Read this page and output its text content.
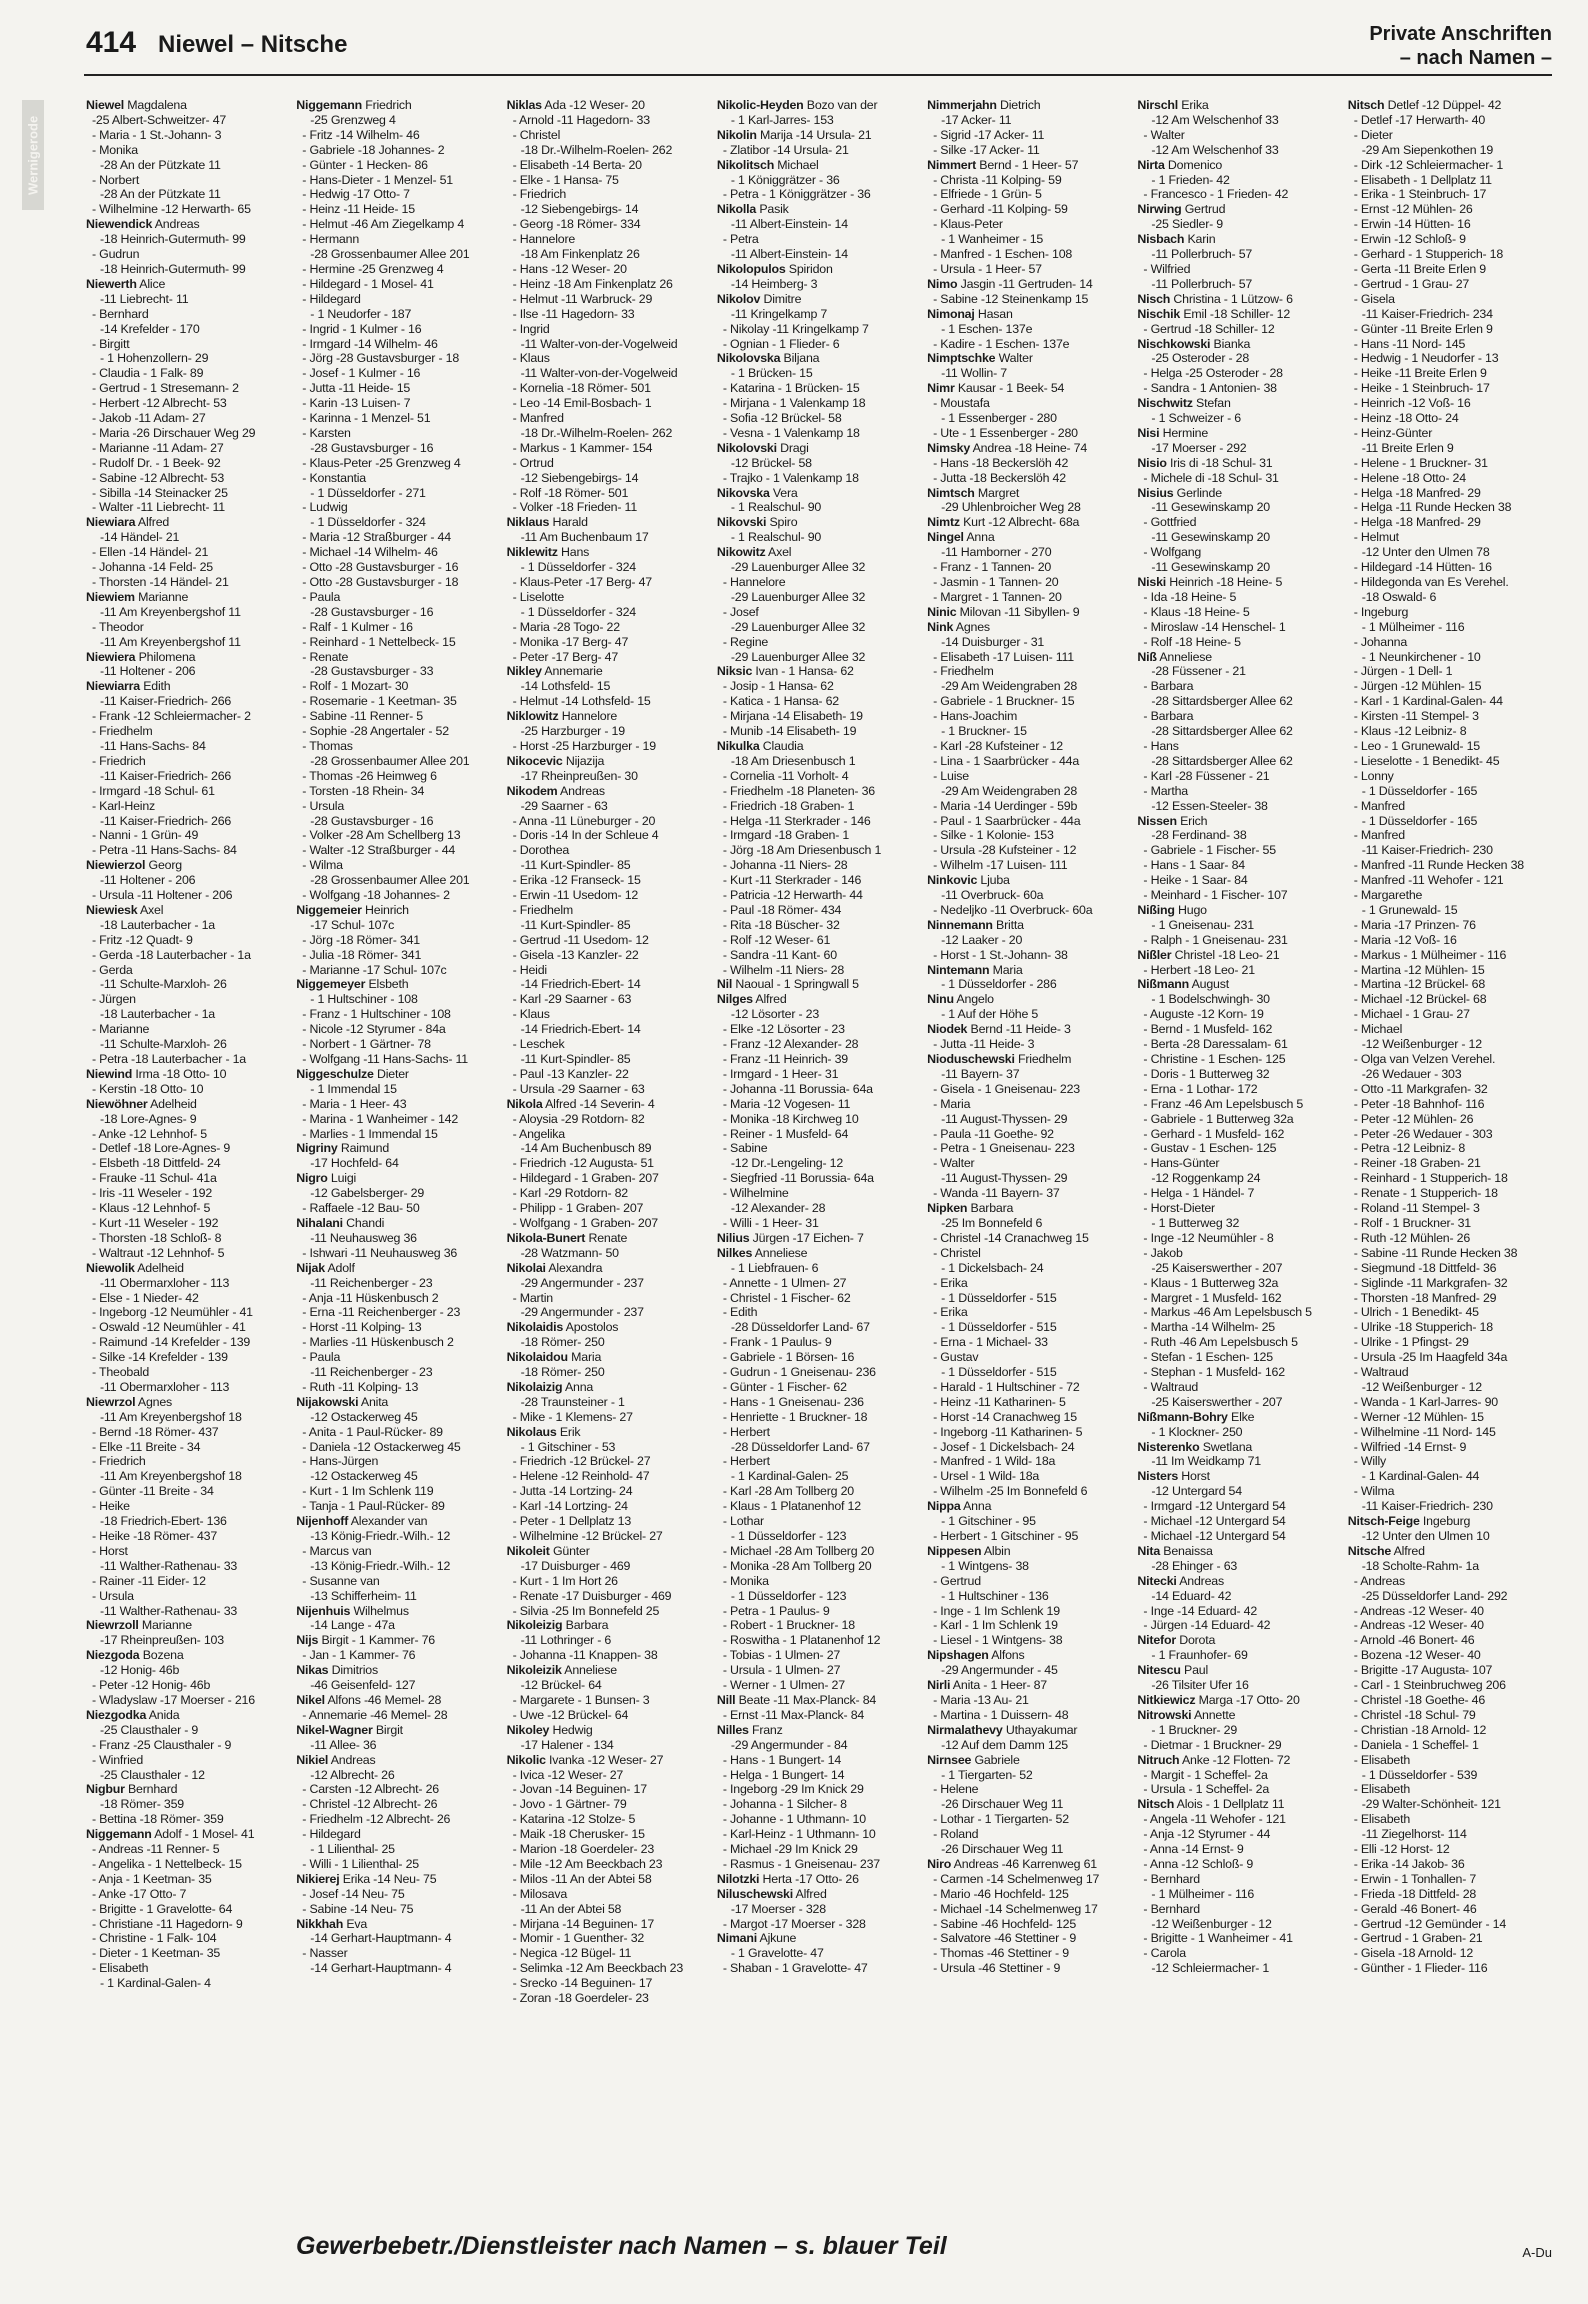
414 Niewel – Nitsche	Private Anschriften
– nach Namen –
Wernigerode
Niewel Magdalena
-25 Albert-Schweitzer- 47
- Maria - 1 St.-Johann- 3
- Monika
-28 An der Pützkate 11
- Norbert
-28 An der Pützkate 11
- Wilhelmine -12 Herwarth- 65
Niewendick Andreas
-18 Heinrich-Gutermuth- 99
- Gudrun
-18 Heinrich-Gutermuth- 99
Niewerth Alice
-11 Liebrecht- 11
- Bernhard
-14 Krefelder - 170
- Birgitt
- 1 Hohenzollern- 29
- Claudia - 1 Falk- 89
- Gertrud - 1 Stresemann- 2
- Herbert -12 Albrecht- 53
- Jakob -11 Adam- 27
- Maria -26 Dirschauer Weg 29
- Marianne -11 Adam- 27
- Rudolf Dr. - 1 Beek- 92
- Sabine -12 Albrecht- 53
- Sibilla -14 Steinacker 25
- Walter -11 Liebrecht- 11
Niewiara Alfred
-14 Händel- 21
- Ellen -14 Händel- 21
- Johanna -14 Feld- 25
- Thorsten -14 Händel- 21
Niewiem Marianne
-11 Am Kreyenbergshof 11
- Theodor
-11 Am Kreyenbergshof 11
Niewiera Philomena
-11 Holtener - 206
Niewiarra Edith
-11 Kaiser-Friedrich- 266
- Frank -12 Schleiermacher- 2
- Friedhelm
-11 Hans-Sachs- 84
- Friedrich
-11 Kaiser-Friedrich- 266
- Irmgard -18 Schul- 61
- Karl-Heinz
-11 Kaiser-Friedrich- 266
- Nanni - 1 Grün- 49
- Petra -11 Hans-Sachs- 84
Niewierzol Georg
-11 Holtener - 206
- Ursula -11 Holtener - 206
Niewiesk Axel
-18 Lauterbacher - 1a
- Fritz -12 Quadt- 9
- Gerda -18 Lauterbacher - 1a
- Gerda
-11 Schulte-Marxloh- 26
- Jürgen
-18 Lauterbacher - 1a
- Marianne
-11 Schulte-Marxloh- 26
- Petra -18 Lauterbacher - 1a
Niewind Irma -18 Otto- 10
- Kerstin -18 Otto- 10
Niewöhner Adelheid
-18 Lore-Agnes- 9
- Anke -12 Lehnhof- 5
- Detlef -18 Lore-Agnes- 9
- Elsbeth -18 Dittfeld- 24
- Frauke -11 Schul- 41a
- Iris -11 Weseler - 192
- Klaus -12 Lehnhof- 5
- Kurt -11 Weseler - 192
- Thorsten -18 Schloß- 8
- Waltraut -12 Lehnhof- 5
Niewolik Adelheid
-11 Obermarxloher - 113
- Else - 1 Nieder- 42
- Ingeborg -12 Neumühler - 41
- Oswald -12 Neumühler - 41
- Raimund -14 Krefelder - 139
- Silke -14 Krefelder - 139
- Theobald
-11 Obermarxloher - 113
Niewrzol Agnes
-11 Am Kreyenbergshof 18
- Bernd -18 Römer- 437
- Elke -11 Breite - 34
- Friedrich
-11 Am Kreyenbergshof 18
- Günter -11 Breite - 34
- Heike
-18 Friedrich-Ebert- 136
- Heike -18 Römer- 437
- Horst
-11 Walther-Rathenau- 33
- Rainer -11 Eider- 12
- Ursula
-11 Walther-Rathenau- 33
Niewrzoll Marianne
-17 Rheinpreußen- 103
Niezgoda Bozena
-12 Honig- 46b
- Peter -12 Honig- 46b
- Wladyslaw -17 Moerser - 216
Niezgodka Anida
-25 Clausthaler - 9
- Franz -25 Clausthaler - 9
- Winfried
-25 Clausthaler - 12
Nigbur Bernhard
-18 Römer- 359
- Bettina -18 Römer- 359
Niggemann Adolf - 1 Mosel- 41
- Andreas -11 Renner- 5
- Angelika - 1 Nettelbeck- 15
- Anja - 1 Keetman- 35
- Anke -17 Otto- 7
- Brigitte - 1 Gravelotte- 64
- Christiane -11 Hagedorn- 9
- Christine - 1 Falk- 104
- Dieter - 1 Keetman- 35
- Elisabeth
- 1 Kardinal-Galen- 4
Niggemann Friedrich
-25 Grenzweg 4
- Fritz -14 Wilhelm- 46
- Gabriele -18 Johannes- 2
- Günter - 1 Hecken- 86
- Hans-Dieter - 1 Menzel- 51
- Hedwig -17 Otto- 7
- Heinz -11 Heide- 15
- Helmut -46 Am Ziegelkamp 4
- Hermann
-28 Grossenbaumer Allee 201
- Hermine -25 Grenzweg 4
- Hildegard - 1 Mosel- 41
- Hildegard
- 1 Neudorfer - 187
- Ingrid - 1 Kulmer - 16
- Irmgard -14 Wilhelm- 46
- Jörg -28 Gustavsburger - 18
- Josef - 1 Kulmer - 16
- Jutta -11 Heide- 15
- Karin -13 Luisen- 7
- Karinna - 1 Menzel- 51
- Karsten
-28 Gustavsburger - 16
- Klaus-Peter -25 Grenzweg 4
- Konstantia
- 1 Düsseldorfer - 271
- Ludwig
- 1 Düsseldorfer - 324
- Maria -12 Straßburger - 44
- Michael -14 Wilhelm- 46
- Otto -28 Gustavsburger - 16
- Otto -28 Gustavsburger - 18
- Paula
-28 Gustavsburger - 16
- Ralf - 1 Kulmer - 16
- Reinhard - 1 Nettelbeck- 15
- Renate
-28 Gustavsburger - 33
- Rolf - 1 Mozart- 30
- Rosemarie - 1 Keetman- 35
- Sabine -11 Renner- 5
- Sophie -28 Angertaler - 52
- Thomas
-28 Grossenbaumer Allee 201
- Thomas -26 Heimweg 6
- Torsten -18 Rhein- 34
- Ursula
-28 Gustavsburger - 16
- Volker -28 Am Schellberg 13
- Walter -12 Straßburger - 44
- Wilma
-28 Grossenbaumer Allee 201
- Wolfgang -18 Johannes- 2
Niggemeier Heinrich
-17 Schul- 107c
- Jörg -18 Römer- 341
- Julia -18 Römer- 341
- Marianne -17 Schul- 107c
Niggemeyer Elsbeth
- 1 Hultschiner - 108
- Franz - 1 Hultschiner - 108
- Nicole -12 Styrumer - 84a
- Norbert - 1 Gärtner- 78
- Wolfgang -11 Hans-Sachs- 11
Niggeschulze Dieter
- 1 Immendal 15
- Maria - 1 Heer- 43
- Marina - 1 Wanheimer - 142
- Marlies - 1 Immendal 15
Nigriny Raimund
-17 Hochfeld- 64
Nigro Luigi
-12 Gabelsberger- 29
- Raffaele -12 Bau- 50
Nihalani Chandi
-11 Neuhausweg 36
- Ishwari -11 Neuhausweg 36
Nijak Adolf
-11 Reichenberger - 23
- Anja -11 Hüskenbusch 2
- Erna -11 Reichenberger - 23
- Horst -11 Kolping- 13
- Marlies -11 Hüskenbusch 2
- Paula
-11 Reichenberger - 23
- Ruth -11 Kolping- 13
Nijakowski Anita
-12 Ostackerweg 45
- Anita - 1 Paul-Rücker- 89
- Daniela -12 Ostackerweg 45
- Hans-Jürgen
-12 Ostackerweg 45
- Kurt - 1 Im Schlenk 119
- Tanja - 1 Paul-Rücker- 89
Nijenhoff Alexander van
-13 König-Friedr.-Wilh.- 12
- Marcus van
-13 König-Friedr.-Wilh.- 12
- Susanne van
-13 Schifferheim- 11
Nijenhuis Wilhelmus
-14 Lange - 47a
Nijs Birgit - 1 Kammer- 76
- Jan - 1 Kammer- 76
Nikas Dimitrios
-46 Geisenfeld- 127
Nikel Alfons -46 Memel- 28
- Annemarie -46 Memel- 28
Nikel-Wagner Birgit
-11 Allee- 36
Nikiel Andreas
-12 Albrecht- 26
- Carsten -12 Albrecht- 26
- Christel -12 Albrecht- 26
- Friedhelm -12 Albrecht- 26
- Hildegard
- 1 Lilienthal- 25
- Willi - 1 Lilienthal- 25
Nikierej Erika -14 Neu- 75
- Josef -14 Neu- 75
- Sabine -14 Neu- 75
Nikkhah Eva
-14 Gerhart-Hauptmann- 4
- Nasser
-14 Gerhart-Hauptmann- 4
Niklas Ada -12 Weser- 20
- Arnold -11 Hagedorn- 33
- Christel
-18 Dr.-Wilhelm-Roelen- 262
- Elisabeth -14 Berta- 20
- Elke - 1 Hansa- 75
- Friedrich
-12 Siebengebirgs- 14
- Georg -18 Römer- 334
- Hannelore
-18 Am Finkenplatz 26
- Hans -12 Weser- 20
- Heinz -18 Am Finkenplatz 26
- Helmut -11 Warbruck- 29
- Ilse -11 Hagedorn- 33
- Ingrid
-11 Walter-von-der-Vogelweid
- Klaus
-11 Walter-von-der-Vogelweid
- Kornelia -18 Römer- 501
- Leo -14 Emil-Bosbach- 1
- Manfred
-18 Dr.-Wilhelm-Roelen- 262
- Markus - 1 Kammer- 154
- Ortrud
-12 Siebengebirgs- 14
- Rolf -18 Römer- 501
- Volker -18 Frieden- 11
Niklaus Harald
-11 Am Buchenbaum 17
Niklewitz Hans
- 1 Düsseldorfer - 324
- Klaus-Peter -17 Berg- 47
- Liselotte
- 1 Düsseldorfer - 324
- Maria -28 Togo- 22
- Monika -17 Berg- 47
- Peter -17 Berg- 47
Nikley Annemarie
-14 Lothsfeld- 15
- Helmut -14 Lothsfeld- 15
Niklowitz Hannelore
-25 Harzburger - 19
- Horst -25 Harzburger - 19
Nikocevic Nijazija
-17 Rheinpreußen- 30
Nikodem Andreas
-29 Saarner - 63
- Anna -11 Lüneburger - 20
- Doris -14 In der Schleue 4
- Dorothea
-11 Kurt-Spindler- 85
- Erika -12 Franseck- 15
- Erwin -11 Usedom- 12
- Friedhelm
-11 Kurt-Spindler- 85
- Gertrud -11 Usedom- 12
- Gisela -13 Kanzler- 22
- Heidi
-14 Friedrich-Ebert- 14
- Karl -29 Saarner - 63
- Klaus
-14 Friedrich-Ebert- 14
- Leschek
-11 Kurt-Spindler- 85
- Paul -13 Kanzler- 22
- Ursula -29 Saarner - 63
Nikola Alfred -14 Severin- 4
- Aloysia -29 Rotdorn- 82
- Angelika
-14 Am Buchenbusch 89
- Friedrich -12 Augusta- 51
- Hildegard - 1 Graben- 207
- Karl -29 Rotdorn- 82
- Philipp - 1 Graben- 207
- Wolfgang - 1 Graben- 207
Nikola-Bunert Renate
-28 Watzmann- 50
Nikolai Alexandra
-29 Angermunder - 237
- Martin
-29 Angermunder - 237
Nikolaidis Apostolos
-18 Römer- 250
Nikolaidou Maria
-18 Römer- 250
Nikolaizig Anna
-28 Traunsteiner - 1
- Mike - 1 Klemens- 27
Nikolaus Erik
- 1 Gitschiner - 53
- Friedrich -12 Brückel- 27
- Helene -12 Reinhold- 47
- Jutta -14 Lortzing- 24
- Karl -14 Lortzing- 24
- Peter - 1 Dellplatz 13
- Wilhelmine -12 Brückel- 27
Nikoleit Günter
-17 Duisburger - 469
- Kurt - 1 Im Hort 26
- Renate -17 Duisburger - 469
- Silvia -25 Im Bonnefeld 25
Nikoleizig Barbara
-11 Lothringer - 6
- Johanna -11 Knappen- 38
Nikoleizik Anneliese
-12 Brückel- 64
- Margarete - 1 Bunsen- 3
- Uwe -12 Brückel- 64
Nikoley Hedwig
-17 Halener - 134
Nikolic Ivanka -12 Weser- 27
- Ivica -12 Weser- 27
- Jovan -14 Beguinen- 17
- Jovo - 1 Gärtner- 79
- Katarina -12 Stolze- 5
- Maik -18 Cherusker- 15
- Marion -18 Goerdeler- 23
- Mile -12 Am Beeckbach 23
- Milos -11 An der Abtei 58
- Milosava
-11 An der Abtei 58
- Mirjana -14 Beguinen- 17
- Momir - 1 Guenther- 32
- Negica -12 Bügel- 11
- Selimka -12 Am Beeckbach 23
- Srecko -14 Beguinen- 17
- Zoran -18 Goerdeler- 23
Nikolic-Heyden Bozo van der
- 1 Karl-Jarres- 153
Nikolin Marija -14 Ursula- 21
- Zlatibor -14 Ursula- 21
Nikolitsch Michael
- 1 Königgrätzer - 36
- Petra - 1 Königgrätzer - 36
Nikolla Pasik
-11 Albert-Einstein- 14
- Petra
-11 Albert-Einstein- 14
Nikolopulos Spiridon
-14 Heimberg- 3
Nikolov Dimitre
-11 Kringelkamp 7
- Nikolay -11 Kringelkamp 7
- Ognian - 1 Flieder- 6
Nikolovska Biljana
- 1 Brücken- 15
- Katarina - 1 Brücken- 15
- Mirjana - 1 Valenkamp 18
- Sofia -12 Brückel- 58
- Vesna - 1 Valenkamp 18
Nikolovski Dragi
-12 Brückel- 58
- Trajko - 1 Valenkamp 18
Nikovska Vera
- 1 Realschul- 90
Nikovski Spiro
- 1 Realschul- 90
Nikowitz Axel
-29 Lauenburger Allee 32
- Hannelore
-29 Lauenburger Allee 32
- Josef
-29 Lauenburger Allee 32
- Regine
-29 Lauenburger Allee 32
Niksic Ivan - 1 Hansa- 62
- Josip - 1 Hansa- 62
- Katica - 1 Hansa- 62
- Mirjana -14 Elisabeth- 19
- Munib -14 Elisabeth- 19
Nikulka Claudia
-18 Am Driesenbusch 1
- Cornelia -11 Vorholt- 4
- Friedhelm -18 Planeten- 36
- Friedrich -18 Graben- 1
- Helga -11 Sterkrader - 146
- Irmgard -18 Graben- 1
- Jörg -18 Am Driesenbusch 1
- Johanna -11 Niers- 28
- Kurt -11 Sterkrader - 146
- Patricia -12 Herwarth- 44
- Paul -18 Römer- 434
- Rita -18 Büscher- 32
- Rolf -12 Weser- 61
- Sandra -11 Kant- 60
- Wilhelm -11 Niers- 28
Nil Naoual - 1 Springwall 5
Nilges Alfred
-12 Lösorter - 23
- Elke -12 Lösorter - 23
- Franz -12 Alexander- 28
- Franz -11 Heinrich- 39
- Irmgard - 1 Heer- 31
- Johanna -11 Borussia- 64a
- Maria -12 Vogesen- 11
- Monika -18 Kirchweg 10
- Reiner - 1 Musfeld- 64
- Sabine
-12 Dr.-Lengeling- 12
- Siegfried -11 Borussia- 64a
- Wilhelmine
-12 Alexander- 28
- Willi - 1 Heer- 31
Nilius Jürgen -17 Eichen- 7
Nilkes Anneliese
- 1 Liebfrauen- 6
- Annette - 1 Ulmen- 27
- Christel - 1 Fischer- 62
- Edith
-28 Düsseldorfer Land- 67
- Frank - 1 Paulus- 9
- Gabriele - 1 Börsen- 16
- Gudrun - 1 Gneisenau- 236
- Günter - 1 Fischer- 62
- Hans - 1 Gneisenau- 236
- Henriette - 1 Bruckner- 18
- Herbert
-28 Düsseldorfer Land- 67
- Herbert
- 1 Kardinal-Galen- 25
- Karl -28 Am Tollberg 20
- Klaus - 1 Platanenhof 12
- Lothar
- 1 Düsseldorfer - 123
- Michael -28 Am Tollberg 20
- Monika -28 Am Tollberg 20
- Monika
- 1 Düsseldorfer - 123
- Petra - 1 Paulus- 9
- Robert - 1 Bruckner- 18
- Roswitha - 1 Platanenhof 12
- Tobias - 1 Ulmen- 27
- Ursula - 1 Ulmen- 27
- Werner - 1 Ulmen- 27
Nill Beate -11 Max-Planck- 84
- Ernst -11 Max-Planck- 84
Nilles Franz
-29 Angermunder - 84
- Hans - 1 Bungert- 14
- Helga - 1 Bungert- 14
- Ingeborg -29 Im Knick 29
- Johanna - 1 Silcher- 8
- Johanne - 1 Uthmann- 10
- Karl-Heinz - 1 Uthmann- 10
- Michael -29 Im Knick 29
- Rasmus - 1 Gneisenau- 237
Nilotzki Herta -17 Otto- 26
Niluschewski Alfred
-17 Moerser - 328
- Margot -17 Moerser - 328
Nimani Ajkune
- 1 Gravelotte- 47
- Shaban - 1 Gravelotte- 47
Nimmerjahn Dietrich
-17 Acker- 11
- Sigrid -17 Acker- 11
- Silke -17 Acker- 11
Nimmert Bernd - 1 Heer- 57
- Christa -11 Kolping- 59
- Elfriede - 1 Grün- 5
- Gerhard -11 Kolping- 59
- Klaus-Peter
- 1 Wanheimer - 15
- Manfred - 1 Eschen- 108
- Ursula - 1 Heer- 57
Nimo Jasgin -11 Gertruden- 14
- Sabine -12 Steinenkamp 15
Nimonaj Hasan
- 1 Eschen- 137e
- Kadire - 1 Eschen- 137e
Nimptschke Walter
-11 Wollin- 7
Nimr Kausar - 1 Beek- 54
- Moustafa
- 1 Essenberger - 280
- Ute - 1 Essenberger - 280
Nimsky Andrea -18 Heine- 74
- Hans -18 Beckerslöh 42
- Jutta -18 Beckerslöh 42
Nimtsch Margret
-29 Uhlenbroicher Weg 28
Nimtz Kurt -12 Albrecht- 68a
Ningel Anna
-11 Hamborner - 270
- Franz - 1 Tannen- 20
- Jasmin - 1 Tannen- 20
- Margret - 1 Tannen- 20
Ninic Milovan -11 Sibyllen- 9
Nink Agnes
-14 Duisburger - 31
- Elisabeth -17 Luisen- 111
- Friedhelm
-29 Am Weidengraben 28
- Gabriele - 1 Bruckner- 15
- Hans-Joachim
- 1 Bruckner- 15
- Karl -28 Kufsteiner - 12
- Lina - 1 Saarbrücker - 44a
- Luise
-29 Am Weidengraben 28
- Maria -14 Uerdinger - 59b
- Paul - 1 Saarbrücker - 44a
- Silke - 1 Kolonie- 153
- Ursula -28 Kufsteiner - 12
- Wilhelm -17 Luisen- 111
Ninkovic Ljuba
-11 Overbruck- 60a
- Nedeljko -11 Overbruck- 60a
Ninnemann Britta
-12 Laaker - 20
- Horst - 1 St.-Johann- 38
Nintemann Maria
- 1 Düsseldorfer - 286
Ninu Angelo
- 1 Auf der Höhe 5
Niodek Bernd -11 Heide- 3
- Jutta -11 Heide- 3
Nioduschewski Friedhelm
-11 Bayern- 37
- Gisela - 1 Gneisenau- 223
- Maria
-11 August-Thyssen- 29
- Paula -11 Goethe- 92
- Petra - 1 Gneisenau- 223
- Walter
-11 August-Thyssen- 29
- Wanda -11 Bayern- 37
Nipken Barbara
-25 Im Bonnefeld 6
- Christel -14 Cranachweg 15
- Christel
- 1 Dickelsbach- 24
- Erika
- 1 Düsseldorfer - 515
- Erika
- 1 Düsseldorfer - 515
- Erna - 1 Michael- 33
- Gustav
- 1 Düsseldorfer - 515
- Harald - 1 Hultschiner - 72
- Heinz -11 Katharinen- 5
- Horst -14 Cranachweg 15
- Ingeborg -11 Katharinen- 5
- Josef - 1 Dickelsbach- 24
- Manfred - 1 Wild- 18a
- Ursel - 1 Wild- 18a
- Wilhelm -25 Im Bonnefeld 6
Nippa Anna
- 1 Gitschiner - 95
- Herbert - 1 Gitschiner - 95
Nippesen Albin
- 1 Wintgens- 38
- Gertrud
- 1 Hultschiner - 136
- Inge - 1 Im Schlenk 19
- Karl - 1 Im Schlenk 19
- Liesel - 1 Wintgens- 38
Nipshagen Alfons
-29 Angermunder - 45
Nirli Anita - 1 Heer- 87
- Maria -13 Au- 21
- Martina - 1 Duissern- 48
Nirmalathevy Uthayakumar
-12 Auf dem Damm 125
Nirnsee Gabriele
- 1 Tiergarten- 52
- Helene
-26 Dirschauer Weg 11
- Lothar - 1 Tiergarten- 52
- Roland
-26 Dirschauer Weg 11
Niro Andreas -46 Karrenweg 61
- Carmen -14 Schelmenweg 17
- Mario -46 Hochfeld- 125
- Michael -14 Schelmenweg 17
- Sabine -46 Hochfeld- 125
- Salvatore -46 Stettiner - 9
- Thomas -46 Stettiner - 9
- Ursula -46 Stettiner - 9
Nirschl Erika
-12 Am Welschenhof 33
- Walter
-12 Am Welschenhof 33
Nirta Domenico
- 1 Frieden- 42
- Francesco - 1 Frieden- 42
Nirwing Gertrud
-25 Siedler- 9
Nisbach Karin
-11 Pollerbruch- 57
- Wilfried
-11 Pollerbruch- 57
Nisch Christina - 1 Lützow- 6
Nischik Emil -18 Schiller- 12
- Gertrud -18 Schiller- 12
Nischkowski Bianka
-25 Osteroder - 28
- Helga -25 Osteroder - 28
- Sandra - 1 Antonien- 38
Nischwitz Stefan
- 1 Schweizer - 6
Nisi Hermine
-17 Moerser - 292
Nisio Iris di -18 Schul- 31
- Michele di -18 Schul- 31
Nisius Gerlinde
-11 Gesewinskamp 20
- Gottfried
-11 Gesewinskamp 20
- Wolfgang
-11 Gesewinskamp 20
Niski Heinrich -18 Heine- 5
- Ida -18 Heine- 5
- Klaus -18 Heine- 5
- Miroslaw -14 Henschel- 1
- Rolf -18 Heine- 5
Niß Anneliese
-28 Füssener - 21
- Barbara
-28 Sittardsberger Allee 62
- Barbara
-28 Sittardsberger Allee 62
- Hans
-28 Sittardsberger Allee 62
- Karl -28 Füssener - 21
- Martha
-12 Essen-Steeler- 38
Nissen Erich
-28 Ferdinand- 38
- Gabriele - 1 Fischer- 55
- Hans - 1 Saar- 84
- Heike - 1 Saar- 84
- Meinhard - 1 Fischer- 107
Nißing Hugo
- 1 Gneisenau- 231
- Ralph - 1 Gneisenau- 231
Nißler Christel -18 Leo- 21
- Herbert -18 Leo- 21
Nißmann August
- 1 Bodelschwingh- 30
- Auguste -12 Korn- 19
- Bernd - 1 Musfeld- 162
- Berta -28 Daressalam- 61
- Christine - 1 Eschen- 125
- Doris - 1 Butterweg 32
- Erna - 1 Lothar- 172
- Franz -46 Am Lepelsbusch 5
- Gabriele - 1 Butterweg 32a
- Gerhard - 1 Musfeld- 162
- Gustav - 1 Eschen- 125
- Hans-Günter
-12 Roggenkamp 24
- Helga - 1 Händel- 7
- Horst-Dieter
- 1 Butterweg 32
- Inge -12 Neumühler - 8
- Jakob
-25 Kaiserswerther - 207
- Klaus - 1 Butterweg 32a
- Margret - 1 Musfeld- 162
- Markus -46 Am Lepelsbusch 5
- Martha -14 Wilhelm- 25
- Ruth -46 Am Lepelsbusch 5
- Stefan - 1 Eschen- 125
- Stephan - 1 Musfeld- 162
- Waltraud
-25 Kaiserswerther - 207
Nißmann-Bohry Elke
- 1 Klockner- 250
Nisterenko Swetlana
-11 Im Weidkamp 71
Nisters Horst
-12 Untergard 54
- Irmgard -12 Untergard 54
- Michael -12 Untergard 54
- Michael -12 Untergard 54
Nita Benaissa
-28 Ehinger - 63
Nitecki Andreas
-14 Eduard- 42
- Inge -14 Eduard- 42
- Jürgen -14 Eduard- 42
Nitefor Dorota
- 1 Fraunhofer- 69
Nitescu Paul
-26 Tilsiter Ufer 16
Nitkiewicz Marga -17 Otto- 20
Nitrowski Annette
- 1 Bruckner- 29
- Dietmar - 1 Bruckner- 29
Nitruch Anke -12 Flotten- 72
- Margit - 1 Scheffel- 2a
- Ursula - 1 Scheffel- 2a
Nitsch Alois - 1 Dellplatz 11
- Angela -11 Wehofer - 121
- Anja -12 Styrumer - 44
- Anna -14 Ernst- 9
- Anna -12 Schloß- 9
- Bernhard
- 1 Mülheimer - 116
- Bernhard
-12 Weißenburger - 12
- Brigitte - 1 Wanheimer - 41
- Carola
-12 Schleiermacher- 1
Nitsch Detlef -12 Düppel- 42
- Detlef -17 Herwarth- 40
- Dieter
-29 Am Siepenkothen 19
- Dirk -12 Schleiermacher- 1
- Elisabeth - 1 Dellplatz 11
- Erika - 1 Steinbruch- 17
- Ernst -12 Mühlen- 26
- Erwin -14 Hütten- 16
- Erwin -12 Schloß- 9
- Gerhard - 1 Stupperich- 18
- Gerta -11 Breite Erlen 9
- Gertrud - 1 Grau- 27
- Gisela
-11 Kaiser-Friedrich- 234
- Günter -11 Breite Erlen 9
- Hans -11 Nord- 145
- Hedwig - 1 Neudorfer - 13
- Heike -11 Breite Erlen 9
- Heike - 1 Steinbruch- 17
- Heinrich -12 Voß- 16
- Heinz -18 Otto- 24
- Heinz-Günter
-11 Breite Erlen 9
- Helene - 1 Bruckner- 31
- Helene -18 Otto- 24
- Helga -18 Manfred- 29
- Helga -11 Runde Hecken 38
- Helga -18 Manfred- 29
- Helmut
-12 Unter den Ulmen 78
- Hildegard -14 Hütten- 16
- Hildegonda van Es Verehel.
-18 Oswald- 6
- Ingeburg
- 1 Mülheimer - 116
- Johanna
- 1 Neunkirchener - 10
- Jürgen - 1 Dell- 1
- Jürgen -12 Mühlen- 15
- Karl - 1 Kardinal-Galen- 44
- Kirsten -11 Stempel- 3
- Klaus -12 Leibniz- 8
- Leo - 1 Grunewald- 15
- Lieselotte - 1 Benedikt- 45
- Lonny
- 1 Düsseldorfer - 165
- Manfred
- 1 Düsseldorfer - 165
- Manfred
-11 Kaiser-Friedrich- 230
- Manfred -11 Runde Hecken 38
- Manfred -11 Wehofer - 121
- Margarethe
- 1 Grunewald- 15
- Maria -17 Prinzen- 76
- Maria -12 Voß- 16
- Markus - 1 Mülheimer - 116
- Martina -12 Mühlen- 15
- Martina -12 Brückel- 68
- Michael -12 Brückel- 68
- Michael - 1 Grau- 27
- Michael
-12 Weißenburger - 12
- Olga van Velzen Verehel.
-26 Wedauer - 303
- Otto -11 Markgrafen- 32
- Peter -18 Bahnhof- 116
- Peter -12 Mühlen- 26
- Peter -26 Wedauer - 303
- Petra -12 Leibniz- 8
- Reiner -18 Graben- 21
- Reinhard - 1 Stupperich- 18
- Renate - 1 Stupperich- 18
- Roland -11 Stempel- 3
- Rolf - 1 Bruckner- 31
- Ruth -12 Mühlen- 26
- Sabine -11 Runde Hecken 38
- Siegmund -18 Dittfeld- 36
- Siglinde -11 Markgrafen- 32
- Thorsten -18 Manfred- 29
- Ulrich - 1 Benedikt- 45
- Ulrike -18 Stupperich- 18
- Ulrike - 1 Pfingst- 29
- Ursula -25 Im Haagfeld 34a
- Waltraud
-12 Weißenburger - 12
- Wanda - 1 Karl-Jarres- 90
- Werner -12 Mühlen- 15
- Wilhelmine -11 Nord- 145
- Wilfried -14 Ernst- 9
- Willy
- 1 Kardinal-Galen- 44
- Wilma
-11 Kaiser-Friedrich- 230
Nitsch-Feige Ingeburg
-12 Unter den Ulmen 10
Nitsche Alfred
-18 Scholte-Rahm- 1a
- Andreas
-25 Düsseldorfer Land- 292
- Andreas -12 Weser- 40
- Andreas -12 Weser- 40
- Arnold -46 Bonert- 46
- Bozena -12 Weser- 40
- Brigitte -17 Augusta- 107
- Carl - 1 Steinbruchweg 206
- Christel -18 Goethe- 46
- Christel -18 Schul- 79
- Christian -18 Arnold- 12
- Daniela - 1 Scheffel- 1
- Elisabeth
- 1 Düsseldorfer - 539
- Elisabeth
-29 Walter-Schönheit- 121
- Elisabeth
-11 Ziegelhorst- 114
- Elli -12 Horst- 12
- Erika -14 Jakob- 36
- Erwin - 1 Tonhallen- 7
- Frieda -18 Dittfeld- 28
- Gerald -46 Bonert- 46
- Gertrud -12 Gemünder - 14
- Gertrud - 1 Graben- 21
- Gisela -18 Arnold- 12
- Günther - 1 Flieder- 116
Gewerbebetr./Dienstleister nach Namen – s. blauer Teil	A-Du
